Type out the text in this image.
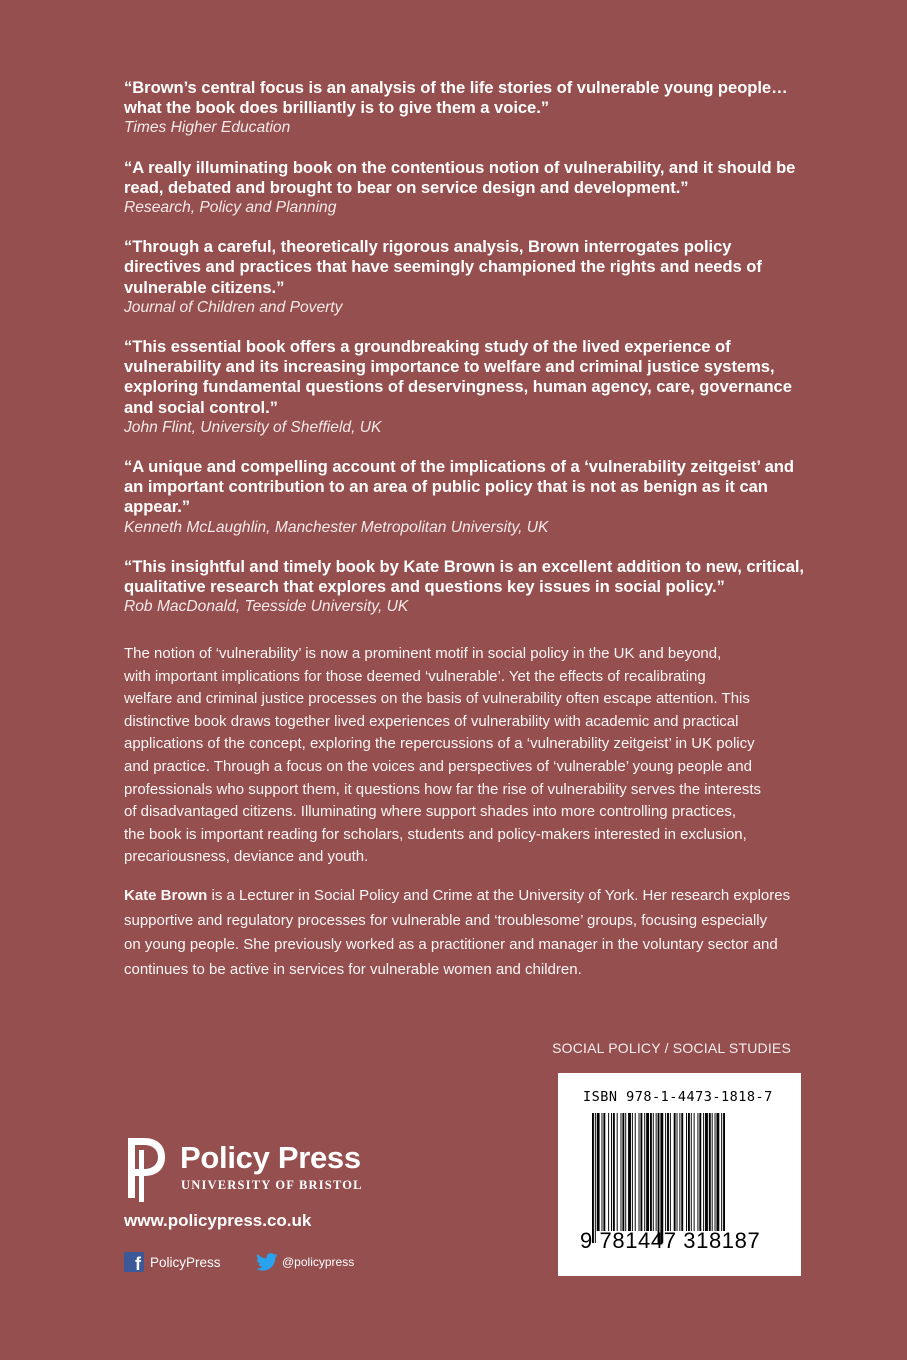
“Brown’s central focus is an analysis of the life stories of vulnerable young people…
what the book does brilliantly is to give them a voice.”
Times Higher Education
“A really illuminating book on the contentious notion of vulnerability, and it should be
read, debated and brought to bear on service design and development.”
Research, Policy and Planning
“Through a careful, theoretically rigorous analysis, Brown interrogates policy
directives and practices that have seemingly championed the rights and needs of
vulnerable citizens.”
Journal of Children and Poverty
“This essential book offers a groundbreaking study of the lived experience of
vulnerability and its increasing importance to welfare and criminal justice systems,
exploring fundamental questions of deservingness, human agency, care, governance
and social control.”
John Flint, University of Sheffield, UK
“A unique and compelling account of the implications of a ‘vulnerability zeitgeist’ and
an important contribution to an area of public policy that is not as benign as it can
appear.”
Kenneth McLaughlin, Manchester Metropolitan University, UK
“This insightful and timely book by Kate Brown is an excellent addition to new, critical,
qualitative research that explores and questions key issues in social policy.”
Rob MacDonald, Teesside University, UK
The notion of ‘vulnerability’ is now a prominent motif in social policy in the UK and beyond,
with important implications for those deemed ‘vulnerable’. Yet the effects of recalibrating
welfare and criminal justice processes on the basis of vulnerability often escape attention. This
distinctive book draws together lived experiences of vulnerability with academic and practical
applications of the concept, exploring the repercussions of a ‘vulnerability zeitgeist’ in UK policy
and practice. Through a focus on the voices and perspectives of ‘vulnerable’ young people and
professionals who support them, it questions how far the rise of vulnerability serves the interests
of disadvantaged citizens. Illuminating where support shades into more controlling practices,
the book is important reading for scholars, students and policy-makers interested in exclusion,
precariousness, deviance and youth.
Kate Brown is a Lecturer in Social Policy and Crime at the University of York. Her research explores
supportive and regulatory processes for vulnerable and ‘troublesome’ groups, focusing especially
on young people. She previously worked as a practitioner and manager in the voluntary sector and
continues to be active in services for vulnerable women and children.
SOCIAL POLICY / SOCIAL STUDIES
ISBN 978-1-4473-1818-7
9 781447 318187
Policy Press
UNIVERSITY OF BRISTOL
www.policypress.co.uk
f PolicyPress	@policypress
